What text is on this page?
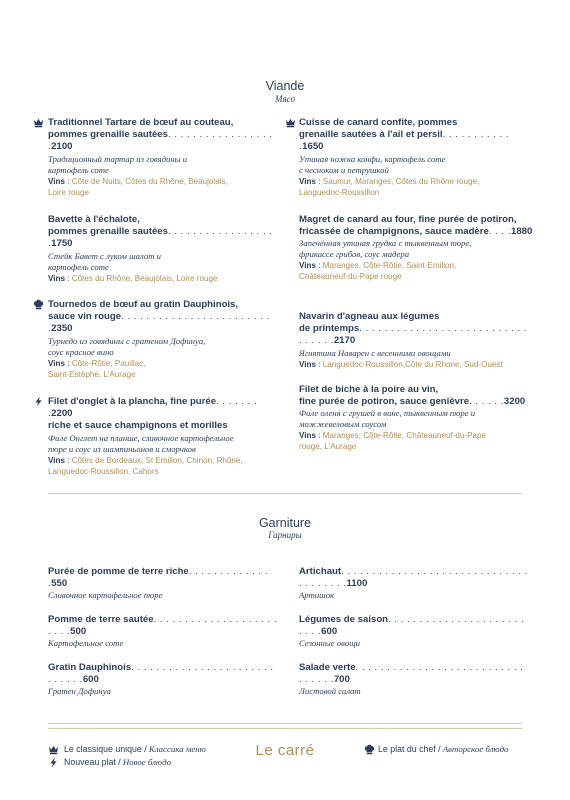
Viande
Мясо
Traditionnel Tartare de bœuf au couteau,
pommes grenaille sautées. . . . . . . . . . . . . . . . . .2100
Традиционный тартар из говядины и
картофель соте
Vins : Côte de Nuits, Côtes du Rhône, Beaujolais,
Loire rouge
Bavette à l'échalote,
pommes grenaille sautées. . . . . . . . . . . . . . . . . .1750
Стейк Бавет с луком шалот и
картофель соте
Vins : Côtes du Rhône, Beaujolais, Loire rouge
Tournedos de bœuf au gratin Dauphinois,
sauce vin rouge. . . . . . . . . . . . . . . . . . . . . . . . .2350
Турнедо из говядины с гратеном Дофинуа,
соус красное вино
Vins : Côte-Rôtie, Pauillac,
Saint-Estèphe, L'Aurage
Filet d'onglet à la plancha, fine purée. . . . . . . .2200
riche et sauce champignons et morilles
Филе Онглет на планше, сливочное картофельное
пюре и соус из шампиньонов и сморчков
Vins : Côtes de Bordeaux, St Emilion, Chinon, Rhône,
Languedoc-Roussillon, Cahors
Cuisse de canard confite, pommes
grenaille sautées à l'ail et persil. . . . . . . . . . . .1650
Утиная ножка конфи, картофель соте
с чесноком и петрушкой
Vins : Saumur, Maranges, Côtes du Rhône rouge,
Languedoc-Roussillon
Magret de canard au four, fine purée de potiron,
fricassée de champignons, sauce madère. . . .1880
Запечённая утиная грудка с тыквенным пюре,
фрикассе грибов, соус мадера
Vins : Maranges, Côte-Rôtie, Saint-Emilion,
Châteauneuf-du-Pape rouge
Navarin d'agneau aux légumes
de printemps. . . . . . . . . . . . . . . . . . . . . . . . . . . . . . . . .2170
Ягнятина Наварен с весенними овощами
Vins : Languedoc-Roussillon,Côte du Rhone, Sud-Ouest
Filet de biche à la poire au vin,
fine purée de potiron, sauce genièvre. . . . . .3200
Филе оленя с грушей в вине, тыквенным пюре и
можжевеловым соусом
Vins : Maranges, Côte-Rôtie, Châteauneuf-du-Pape
rouge, L'Aurage
Garniture
Гарниры
Purée de pomme de terre riche. . . . . . . . . . . . . .550
Сливочное картофельное пюре
Pomme de terre sautée. . . . . . . . . . . . . . . . . . . . . . . .500
Картофельное соте
Gratin Dauphinois. . . . . . . . . . . . . . . . . . . . . . . . . . . . .600
Гратен Дофинуа
Artichaut. . . . . . . . . . . . . . . . . . . . . . . . . . . . . . . . . . . . . .1100
Артишок
Légumes de saison. . . . . . . . . . . . . . . . . . . . . . . . . .600
Сезонные овощи
Salade verte. . . . . . . . . . . . . . . . . . . . . . . . . . . . . . . . .700
Листовой салат
Le classique unique / Классика меню
Nouveau plat / Новое блюдо
Le carré	Le plat du chef / Авторское блюдо
